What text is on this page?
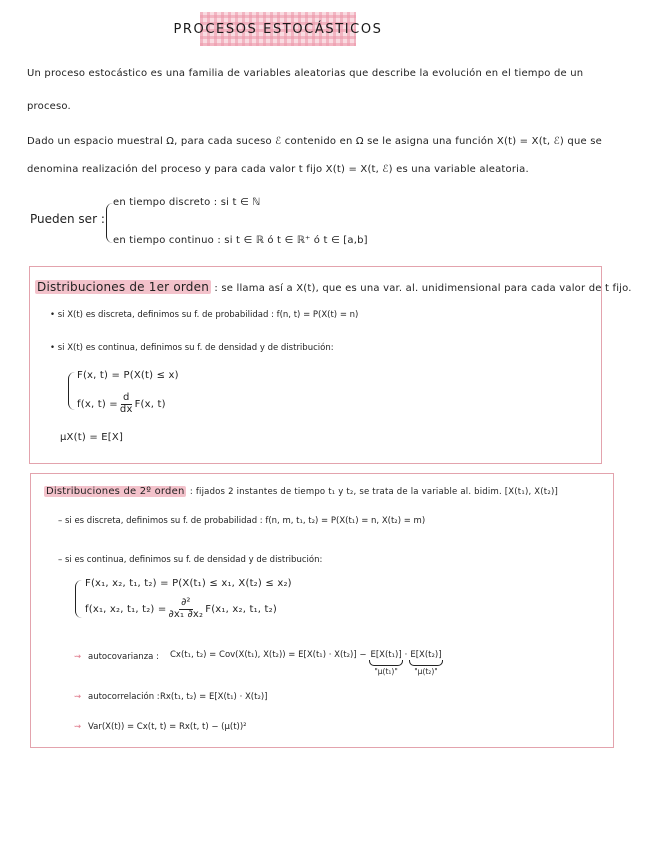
PROCESOS ESTOCÁSTICOS
Un proceso estocástico es una familia de variables aleatorias que describe la evolución en el tiempo de un
proceso.
Dado un espacio muestral Ω, para cada suceso ℰ contenido en Ω se le asigna una función X(t) = X(t, ℰ) que se
denomina realización del proceso y para cada valor t fijo X(t) = X(t, ℰ) es una variable aleatoria.
Pueden ser :
en tiempo discreto : si t ∈ ℕ
en tiempo continuo : si t ∈ ℝ ó t ∈ ℝ⁺ ó t ∈ [a,b]
Distribuciones de 1er orden : se llama así a X(t), que es una var. al. unidimensional para cada valor de t fijo.
• si X(t) es discreta, definimos su f. de probabilidad : f(n, t) = P(X(t) = n)
• si X(t) es continua, definimos su f. de densidad y de distribución:
F(x, t) = P(X(t) ≤ x)
f(x, $t) = \frac{d}{dx} F(x$, t)
μX(t) = E[X]
Distribuciones de 2º orden : fijados 2 instantes de tiempo t₁ y t₂, se trata de la variable al. bidim. [X(t₁), X(t₂)]
– si es discreta, definimos su f. de probabilidad : f(n, m, t₁, t₂) = P(X(t₁) = n, X(t₂) = m)
– si es continua, definimos su f. de densidad y de distribución:
F(x₁, x₂, t₁, t₂) = P(X(t₁) ≤ x₁, X(t₂) ≤ x₂)
f(x₁, x₂, t₁, $t_2) = \frac{\text{∂²}}{\text{∂x₁ ∂x₂}} F(x_1$, x₂, t₁, t₂)
⇝ autocovarianza : Cx(t₁, t₂) = Cov(X(t₁), X(t₂)) = E[X(t₁) · X(t₂)] − E[X(t₁)]
"μ(t₁)"
· E[X(t₂)]
"μ(t₂)"
⇝ autocorrelación : Rx(t₁, t₂) = E[X(t₁) · X(t₂)]
⇝ Var(X(t)) = Cx(t, t) = Rx(t, t) − (μ(t))²
